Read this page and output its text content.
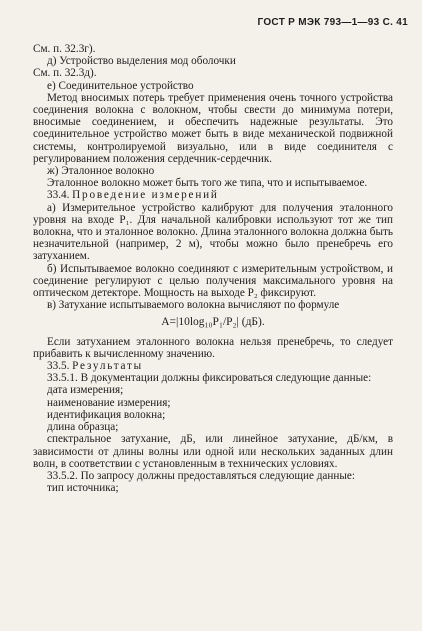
ГОСТ Р МЭК 793—1—93 С. 41

См. п. 32.3г).

д) Устройство выделения мод оболочки

См. п. 32.3д).

е) Соединительное устройство

Метод вносимых потерь требует применения очень точного устройства соединения волокна с волокном, чтобы свести до минимума потери, вносимые соединением, и обеспечить надежные результаты. Это соединительное устройство может быть в виде механической подвижной системы, контролируемой визуально, или в виде соединителя с регулированием положения сердечник-сердечник.

ж) Эталонное волокно

Эталонное волокно может быть того же типа, что и испытываемое.

33.4. Проведение измерений

а) Измерительное устройство калибруют для получения эталонного уровня на входе P₁. Для начальной калибровки используют тот же тип волокна, что и эталонное волокно. Длина эталонного волокна должна быть незначительной (например, 2 м), чтобы можно было пренебречь его затуханием.

б) Испытываемое волокно соединяют с измерительным устройством, и соединение регулируют с целью получения максимального уровня на оптическом детекторе. Мощность на выходе P₂ фиксируют.

в) Затухание испытываемого волокна вычисляют по формуле

A=|10log₁₀P₁/P₂| (дБ).

Если затуханием эталонного волокна нельзя пренебречь, то следует прибавить к вычисленному значению.

33.5. Результаты

33.5.1. В документации должны фиксироваться следующие данные:

дата измерения;

наименование измерения;

идентификация волокна;

длина образца;

спектральное затухание, дБ, или линейное затухание, дБ/км, в зависимости от длины волны или одной или нескольких заданных длин волн, в соответствии с установленным в технических условиях.

33.5.2. По запросу должны предоставляться следующие данные:

тип источника;
